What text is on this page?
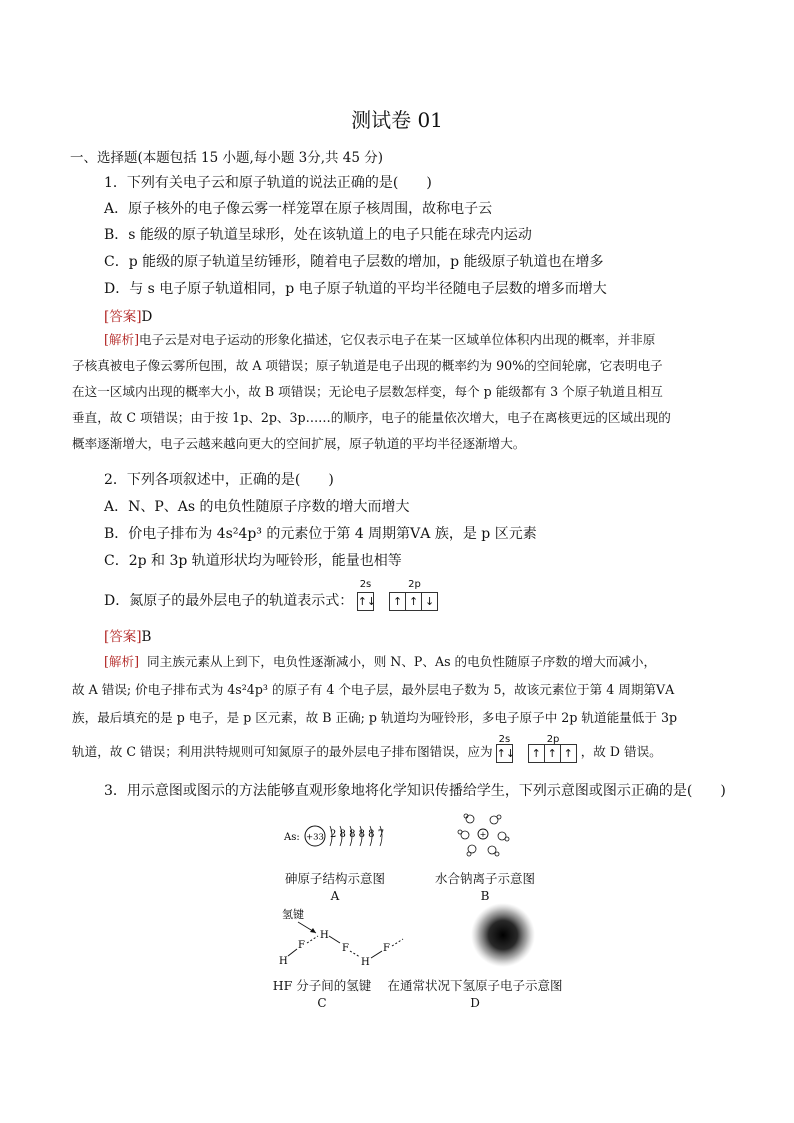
测试卷 01
一、选择题(本题包括 15 小题,每小题 3分,共 45 分)
1．下列有关电子云和原子轨道的说法正确的是(　　)
A．原子核外的电子像云雾一样笼罩在原子核周围，故称电子云
B．s 能级的原子轨道呈球形，处在该轨道上的电子只能在球壳内运动
C．p 能级的原子轨道呈纺锤形，随着电子层数的增加，p 能级原子轨道也在增多
D．与 s 电子原子轨道相同，p 电子原子轨道的平均半径随电子层数的增多而增大
[答案]D
[解析]电子云是对电子运动的形象化描述，它仅表示电子在某一区域单位体积内出现的概率，并非原
子核真被电子像云雾所包围，故 A 项错误；原子轨道是电子出现的概率约为 90%的空间轮廓，它表明电子
在这一区域内出现的概率大小，故 B 项错误；无论电子层数怎样变，每个 p 能级都有 3 个原子轨道且相互
垂直，故 C 项错误；由于按 1p、2p、3p……的顺序，电子的能量依次增大，电子在离核更远的区域出现的
概率逐渐增大，电子云越来越向更大的空间扩展，原子轨道的平均半径逐渐增大。
2．下列各项叙述中，正确的是(　　)
A．N、P、As 的电负性随原子序数的增大而增大
B．价电子排布为 4s²4p³ 的元素位于第 4 周期第ⅤA 族，是 p 区元素
C．2p 和 3p 轨道形状均为哑铃形，能量也相等
D．氮原子的最外层电子的轨道表示式：
2s
↑↓
2p
↑ ↑ ↓
[答案]B
[解析] 同主族元素从上到下，电负性逐渐减小，则 N、P、As 的电负性随原子序数的增大而减小，
故 A 错误; 价电子排布式为 4s²4p³ 的原子有 4 个电子层，最外层电子数为 5，故该元素位于第 4 周期第ⅤA
族，最后填充的是 p 电子，是 p 区元素，故 B 正确; p 轨道均为哑铃形，多电子原子中 2p 轨道能量低于 3p
轨道，故 C 错误；利用洪特规则可知氮原子的最外层电子排布图错误，应为
2s
↑↓
2p
↑ ↑ ↑ ，故 D 错误。
3．用示意图或图示的方法能够直观形象地将化学知识传播给学生，下列示意图或图示正确的是(　　)
As: +33 2 8 8 8 8 7
砷原子结构示意图
A
+
水合钠离子示意图
B
氢键
H
F
H
F
H
F
HF 分子间的氢键
C
在通常状况下氢原子电子示意图
D
